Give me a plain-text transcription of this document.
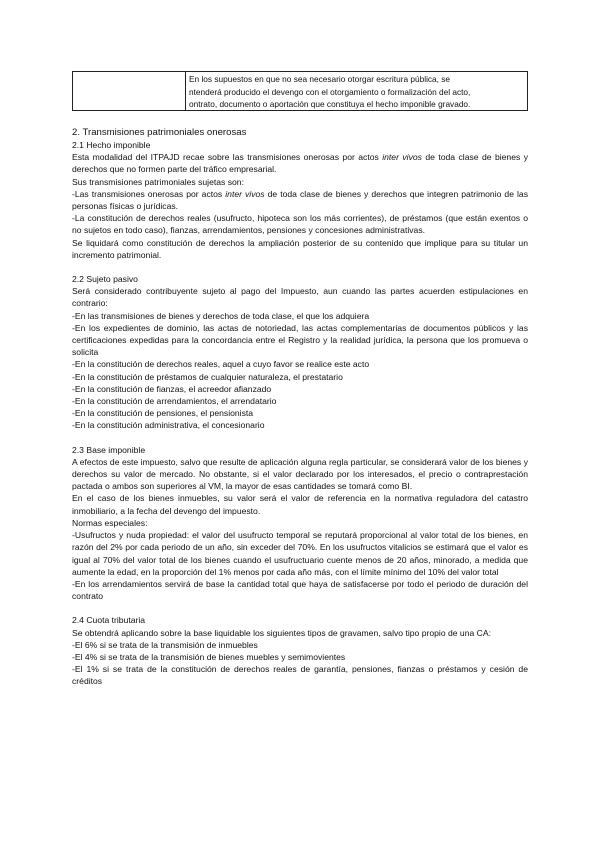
En los supuestos en que no sea necesario otorgar escritura pública, se
ntenderá producido el devengo con el otorgamiento o formalización del acto,
ontrato, documento o aportación que constituya el hecho imponible gravado.

2. Transmisiones patrimoniales onerosas

2.1 Hecho imponible

Esta modalidad del ITPAJD recae sobre las transmisiones onerosas por actos inter vivos de toda clase de bienes y derechos que no formen parte del tráfico empresarial.

Sus transmisiones patrimoniales sujetas son:

-Las transmisiones onerosas por actos inter vivos de toda clase de bienes y derechos que integren patrimonio de las personas físicas o jurídicas.

-La constitución de derechos reales (usufructo, hipoteca son los más corrientes), de préstamos (que están exentos o no sujetos en todo caso), fianzas, arrendamientos, pensiones y concesiones administrativas.

Se liquidará como constitución de derechos la ampliación posterior de su contenido que implique para su titular un incremento patrimonial.

2.2 Sujeto pasivo

Será considerado contribuyente sujeto al pago del Impuesto, aun cuando las partes acuerden estipulaciones en contrario:

-En las transmisiones de bienes y derechos de toda clase, el que los adquiera

-En los expedientes de dominio, las actas de notoriedad, las actas complementarias de documentos públicos y las certificaciones expedidas para la concordancia entre el Registro y la realidad jurídica, la persona que los promueva o solicita

-En la constitución de derechos reales, aquel a cuyo favor se realice este acto

-En la constitución de préstamos de cualquier naturaleza, el prestatario

-En la constitución de fianzas, el acreedor afianzado

-En la constitución de arrendamientos, el arrendatario

-En la constitución de pensiones, el pensionista

-En la constitución administrativa, el concesionario

2.3 Base imponible

A efectos de este impuesto, salvo que resulte de aplicación alguna regla particular, se considerará valor de los bienes y derechos su valor de mercado. No obstante, si el valor declarado por los interesados, el precio o contraprestación pactada o ambos son superiores al VM, la mayor de esas cantidades se tomará como BI.

En el caso de los bienes inmuebles, su valor será el valor de referencia en la normativa reguladora del catastro inmobiliario, a la fecha del devengo del impuesto.

Normas especiales:

-Usufructos y nuda propiedad: el valor del usufructo temporal se reputará proporcional al valor total de los bienes, en razón del 2% por cada periodo de un año, sin exceder del 70%. En los usufructos vitalicios se estimará que el valor es igual al 70% del valor total de los bienes cuando el usufructuario cuente menos de 20 años, minorado, a medida que aumente la edad, en la proporción del 1% menos por cada año más, con el límite mínimo del 10% del valor total

-En los arrendamientos servirá de base la cantidad total que haya de satisfacerse por todo el periodo de duración del contrato

2.4 Cuota tributaria

Se obtendrá aplicando sobre la base liquidable los siguientes tipos de gravamen, salvo tipo propio de una CA:

-El 6% si se trata de la transmisión de inmuebles

-El 4% si se trata de la transmisión de bienes muebles y semimovientes

-El 1% si se trata de la constitución de derechos reales de garantía, pensiones, fianzas o préstamos y cesión de créditos
